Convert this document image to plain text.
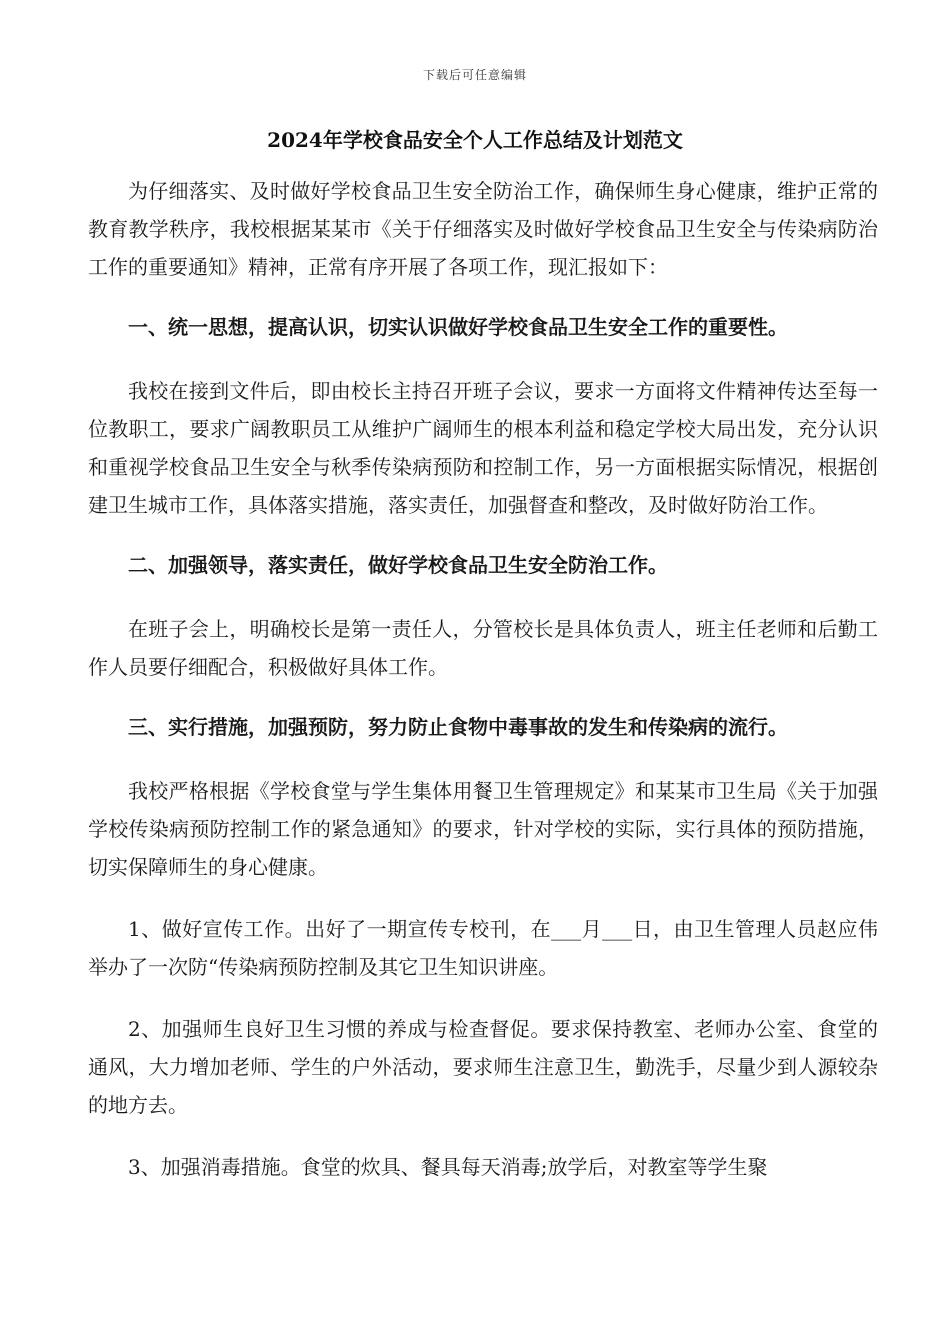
下载后可任意编辑
2024年学校食品安全个人工作总结及计划范文

为仔细落实、及时做好学校食品卫生安全防治工作，确保师生身心健康，维护正常的教育教学秩序，我校根据某某市《关于仔细落实及时做好学校食品卫生安全与传染病防治工作的重要通知》精神，正常有序开展了各项工作，现汇报如下：

一、统一思想，提高认识，切实认识做好学校食品卫生安全工作的重要性。

我校在接到文件后，即由校长主持召开班子会议，要求一方面将文件精神传达至每一位教职工，要求广阔教职员工从维护广阔师生的根本利益和稳定学校大局出发，充分认识和重视学校食品卫生安全与秋季传染病预防和控制工作，另一方面根据实际情况，根据创建卫生城市工作，具体落实措施，落实责任，加强督查和整改，及时做好防治工作。

二、加强领导，落实责任，做好学校食品卫生安全防治工作。

在班子会上，明确校长是第一责任人，分管校长是具体负责人，班主任老师和后勤工作人员要仔细配合，积极做好具体工作。

三、实行措施，加强预防，努力防止食物中毒事故的发生和传染病的流行。

我校严格根据《学校食堂与学生集体用餐卫生管理规定》和某某市卫生局《关于加强学校传染病预防控制工作的紧急通知》的要求，针对学校的实际，实行具体的预防措施，切实保障师生的身心健康。

1、做好宣传工作。出好了一期宣传专校刊，在___月___日，由卫生管理人员赵应伟举办了一次防“传染病预防控制及其它卫生知识讲座。

2、加强师生良好卫生习惯的养成与检查督促。要求保持教室、老师办公室、食堂的通风，大力增加老师、学生的户外活动，要求师生注意卫生，勤洗手，尽量少到人源较杂的地方去。

3、加强消毒措施。食堂的炊具、餐具每天消毒;放学后，对教室等学生聚
